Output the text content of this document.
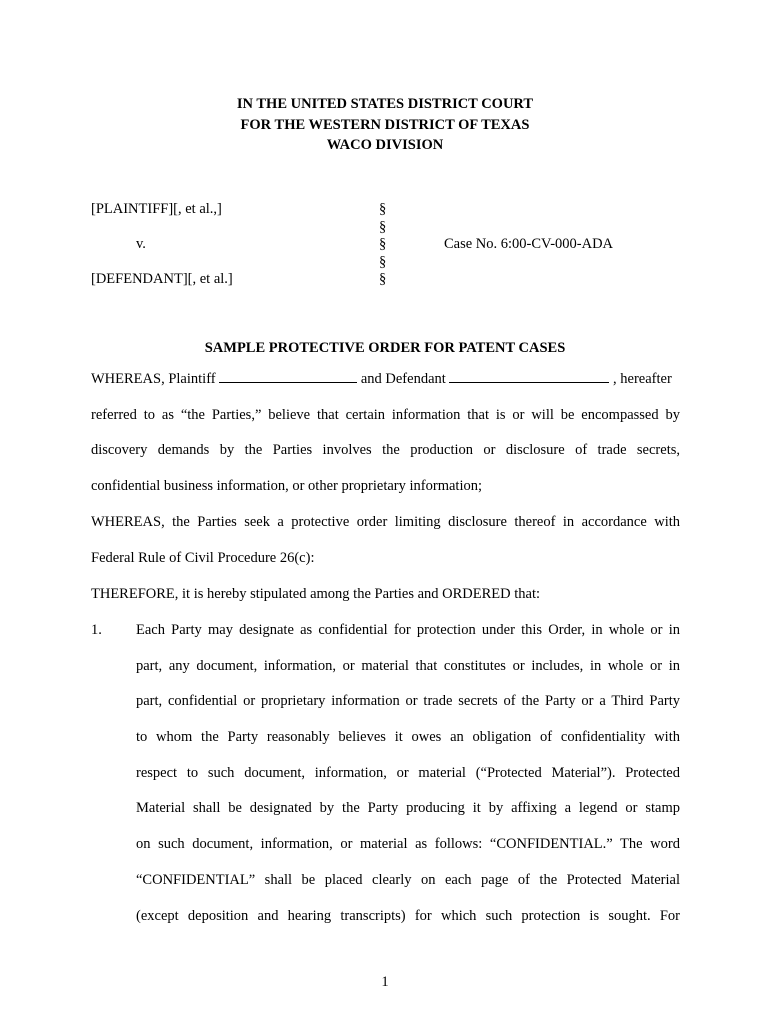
IN THE UNITED STATES DISTRICT COURT
FOR THE WESTERN DISTRICT OF TEXAS
WACO DIVISION
[PLAINTIFF][, et al.,]
v.
[DEFENDANT][, et al.]
§
§
§
§
§
Case No. 6:00-CV-000-ADA
SAMPLE PROTECTIVE ORDER FOR PATENT CASES
WHEREAS, Plaintiff	and Defendant	, hereafter
referred to as “the Parties,” believe that certain information that is or will be encompassed by
discovery demands by the Parties involves the production or disclosure of trade secrets,
confidential business information, or other proprietary information;
WHEREAS, the Parties seek a protective order limiting disclosure thereof in accordance with
Federal Rule of Civil Procedure 26(c):
THEREFORE, it is hereby stipulated among the Parties and ORDERED that:
1. Each Party may designate as confidential for protection under this Order, in whole or in
part, any document, information, or material that constitutes or includes, in whole or in
part, confidential or proprietary information or trade secrets of the Party or a Third Party
to whom the Party reasonably believes it owes an obligation of confidentiality with
respect to such document, information, or material (“Protected Material”). Protected
Material shall be designated by the Party producing it by affixing a legend or stamp
on such document, information, or material as follows: “CONFIDENTIAL.” The word
“CONFIDENTIAL” shall be placed clearly on each page of the Protected Material
(except deposition and hearing transcripts) for which such protection is sought. For
1
